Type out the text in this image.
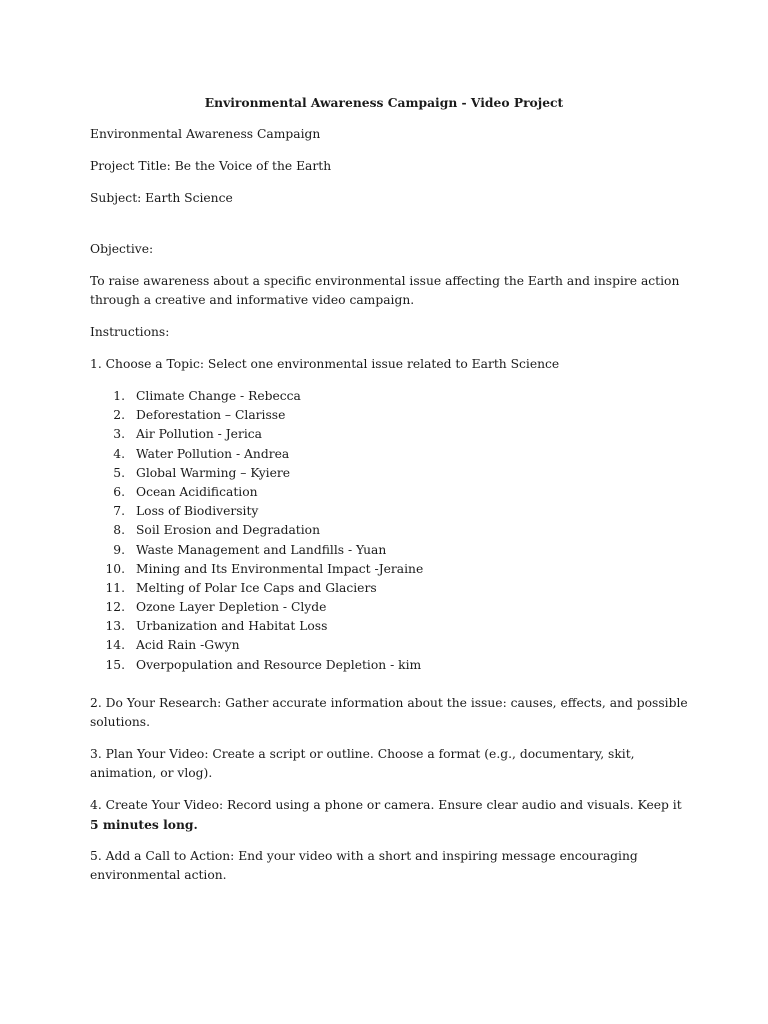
Environmental Awareness Campaign - Video Project

Environmental Awareness Campaign

Project Title: Be the Voice of the Earth

Subject: Earth Science

Objective:

To raise awareness about a specific environmental issue affecting the Earth and inspire action through a creative and informative video campaign.

Instructions:

1. Choose a Topic: Select one environmental issue related to Earth Science

1. Climate Change - Rebecca
2. Deforestation – Clarisse
3. Air Pollution - Jerica
4. Water Pollution - Andrea
5. Global Warming – Kyiere
6. Ocean Acidification
7. Loss of Biodiversity
8. Soil Erosion and Degradation
9. Waste Management and Landfills - Yuan
10. Mining and Its Environmental Impact -Jeraine
11. Melting of Polar Ice Caps and Glaciers
12. Ozone Layer Depletion - Clyde
13. Urbanization and Habitat Loss
14. Acid Rain -Gwyn
15. Overpopulation and Resource Depletion - kim

2. Do Your Research: Gather accurate information about the issue: causes, effects, and possible solutions.

3. Plan Your Video: Create a script or outline. Choose a format (e.g., documentary, skit, animation, or vlog).

4. Create Your Video: Record using a phone or camera. Ensure clear audio and visuals. Keep it 5 minutes long.

5. Add a Call to Action: End your video with a short and inspiring message encouraging environmental action.
